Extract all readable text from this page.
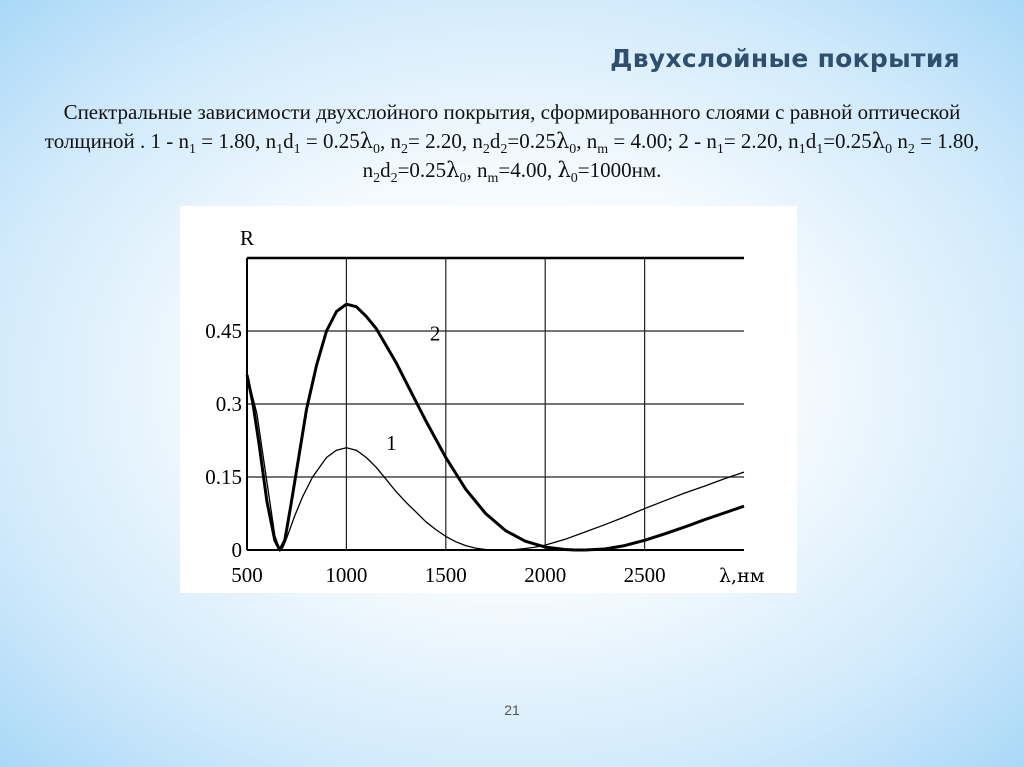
Двухслойные покрытия
Спектральные зависимости двухслойного покрытия, сформированного слоями с равной оптической толщиной . $1 - n_1 = 1.80$, $n_1d_1 = 0.25\lambda_0$, $n_2= 2.20$, $n_2d_2=0.25\lambda_0$, $n_m = 4.00$; $2 - n_1= 2.20$, $n_1d_1=0.25\lambda_0$ $n_2 = 1.80$, $n_2d_2=0.25\lambda_0$, $n_m=4.00$, $\lambda_0=1000нм$.
500	1000	1500	2000	2500
0
0.15
0.3
0.45
R
λ,нм
1
2
21
